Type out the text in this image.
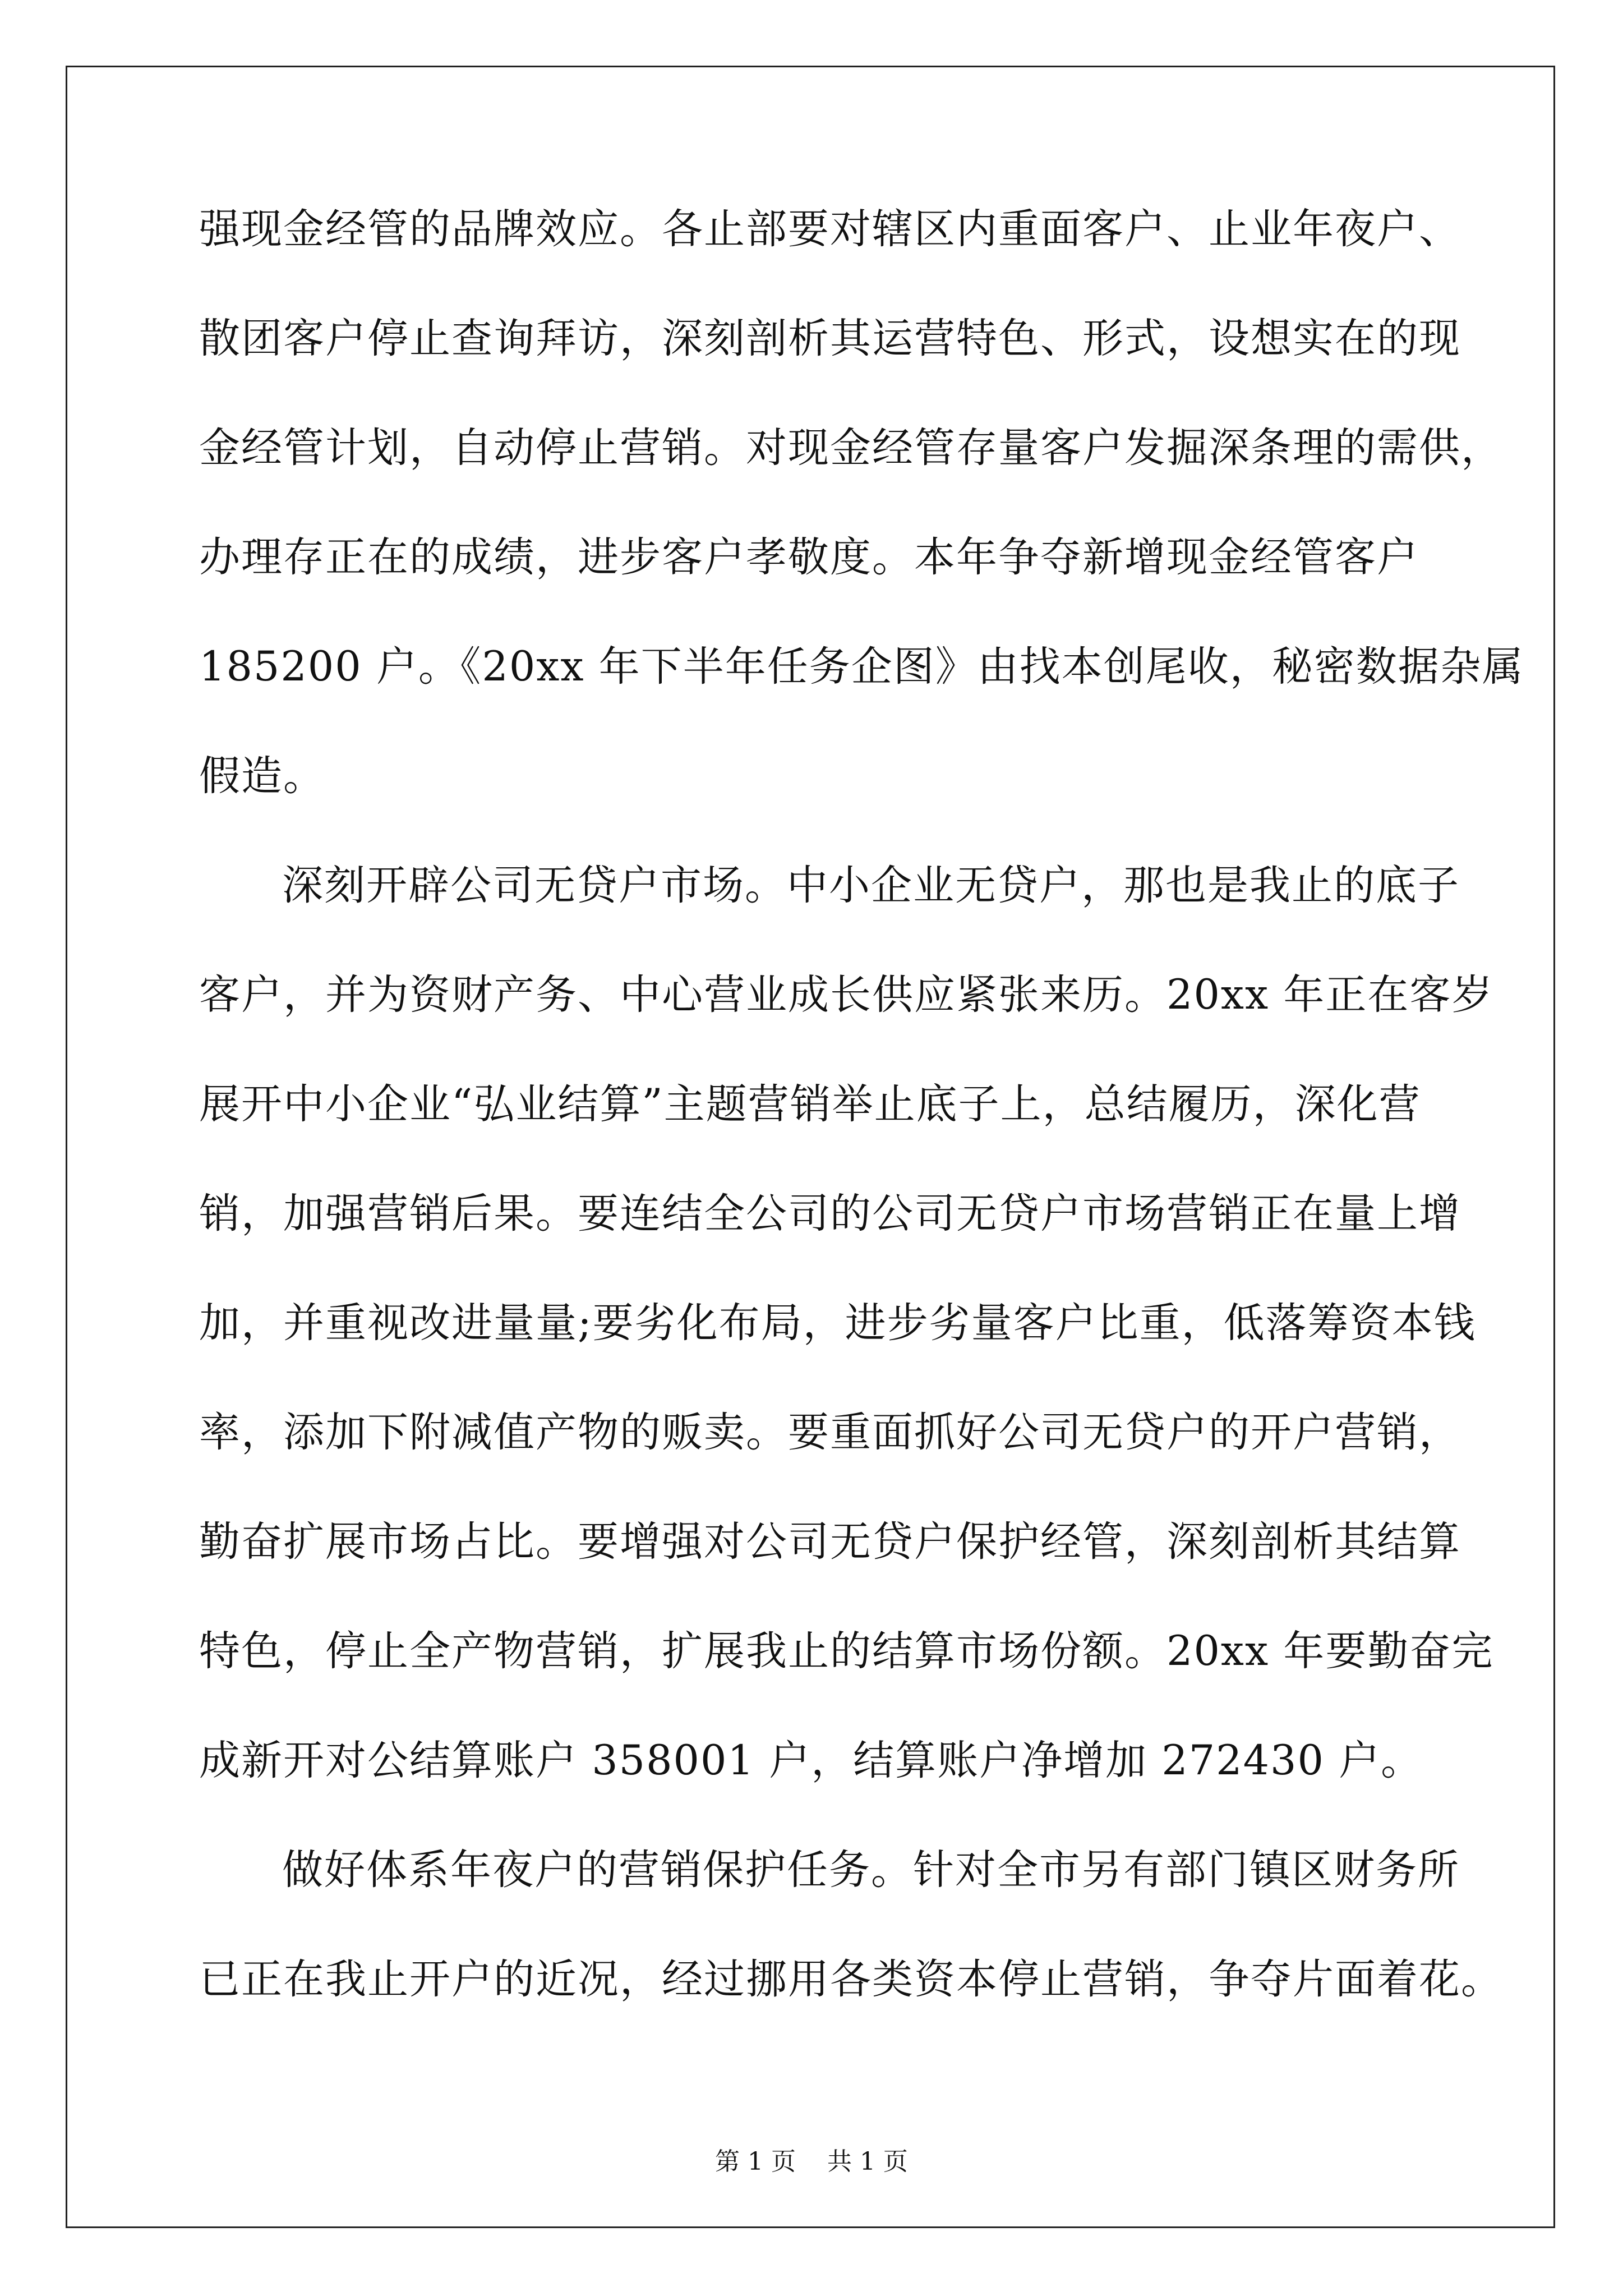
强现金经管的品牌效应。各止部要对辖区内重面客户、止业年夜户、
散团客户停止查询拜访，深刻剖析其运营特色、形式，设想实在的现
金经管计划，自动停止营销。对现金经管存量客户发掘深条理的需供，
办理存正在的成绩，进步客户孝敬度。本年争夺新增现金经管客户
185200 户。《20xx 年下半年任务企图》由找本创尾收，秘密数据杂属
假造。
深刻开辟公司无贷户市场。中小企业无贷户，那也是我止的底子
客户，并为资财产务、中心营业成长供应紧张来历。20xx 年正在客岁
展开中小企业“弘业结算”主题营销举止底子上，总结履历，深化营
销，加强营销后果。要连结全公司的公司无贷户市场营销正在量上增
加，并重视改进量量;要劣化布局，进步劣量客户比重，低落筹资本钱
率，添加下附减值产物的贩卖。要重面抓好公司无贷户的开户营销，
勤奋扩展市场占比。要增强对公司无贷户保护经管，深刻剖析其结算
特色，停止全产物营销，扩展我止的结算市场份额。20xx 年要勤奋完
成新开对公结算账户 358001 户，结算账户净增加 272430 户。
做好体系年夜户的营销保护任务。针对全市另有部门镇区财务所
已正在我止开户的近况，经过挪用各类资本停止营销，争夺片面着花。
第 1 页    共 1 页
